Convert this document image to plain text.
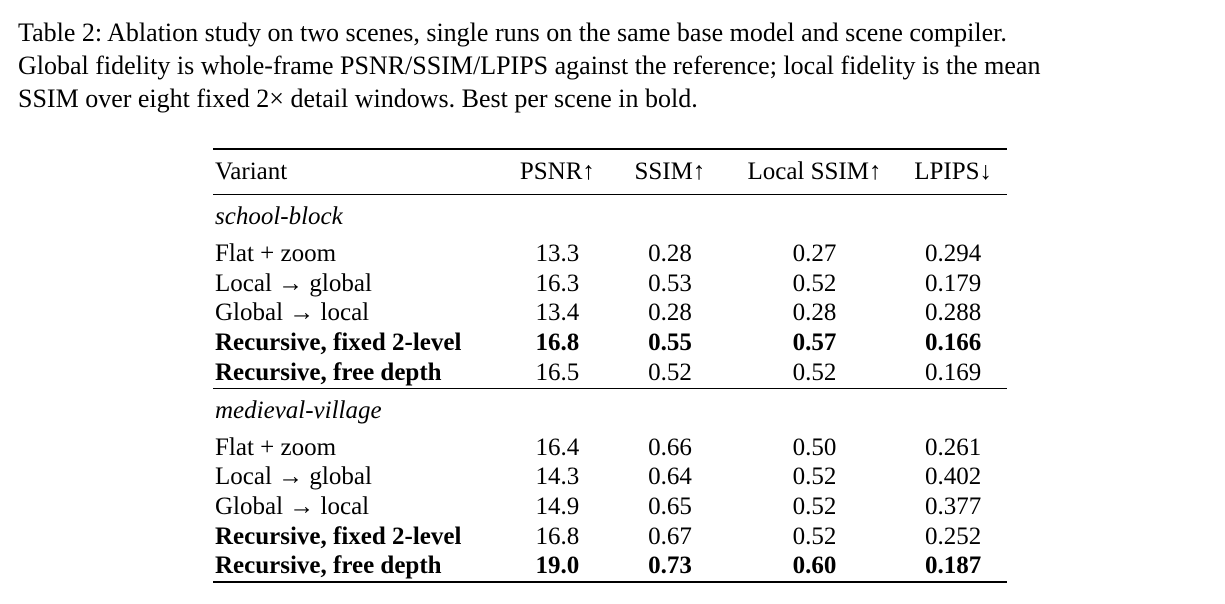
Table 2: Ablation study on two scenes, single runs on the same base model and scene compiler.
Global fidelity is whole-frame PSNR/SSIM/LPIPS against the reference; local fidelity is the mean
SSIM over eight fixed 2× detail windows. Best per scene in bold.
Variant	PSNR↑	SSIM↑	Local SSIM↑	LPIPS↓
school-block				
Flat + zoom	13.3	0.28	0.27	0.294
Local → global	16.3	0.53	0.52	0.179
Global → local	13.4	0.28	0.28	0.288
Recursive, fixed 2-level	16.8	0.55	0.57	0.166
Recursive, free depth	16.5	0.52	0.52	0.169
medieval-village				
Flat + zoom	16.4	0.66	0.50	0.261
Local → global	14.3	0.64	0.52	0.402
Global → local	14.9	0.65	0.52	0.377
Recursive, fixed 2-level	16.8	0.67	0.52	0.252
Recursive, free depth	19.0	0.73	0.60	0.187
